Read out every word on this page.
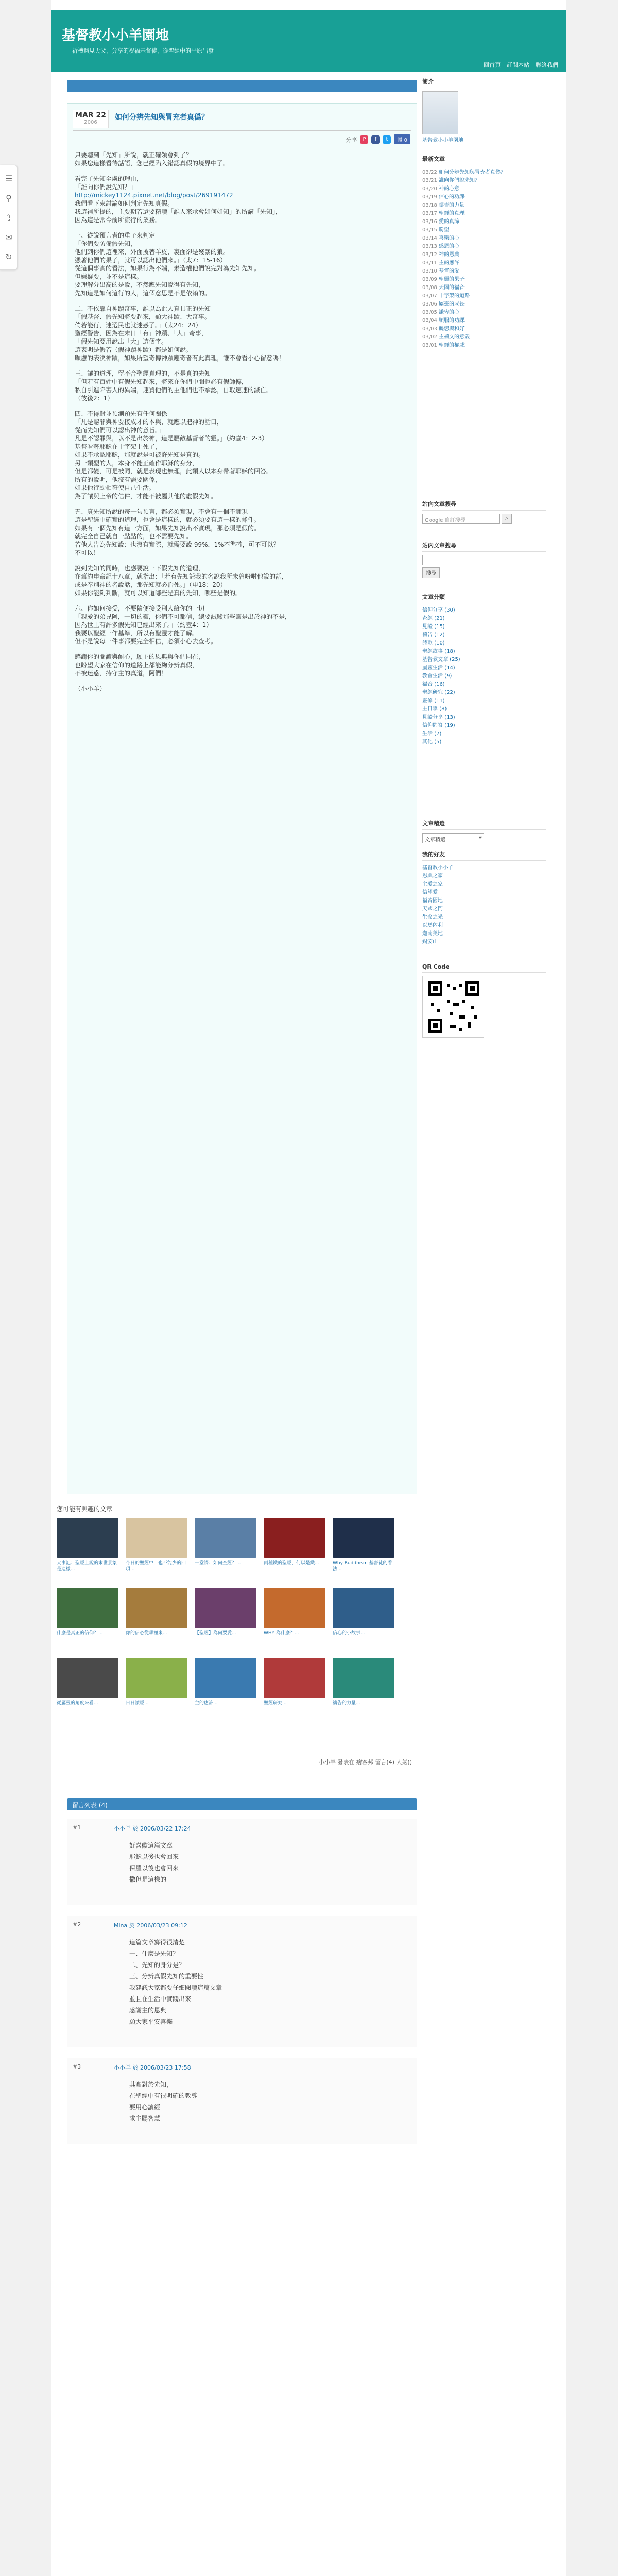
☰
⚲
⇪
✉
↻
基督教小小羊園地
祈禱遇見天父，分享的祝福基督徒，從聖經中的平原出發
回首頁 訂閱本站 聯絡我們
MAR 22
2006
如何分辨先知與冒充者真僞？
分享	P	f	t	讚 0
只要聽到「先知」所說，就正確領會到了？
如果您這樣看待話語，您已經陷入錯認真假的境界中了。
看完了先知至處的理由，
「誰向你們說先知？」
http://mickey1124.pixnet.net/blog/post/269191472
我們看下來討論如何判定先知真假。
我這裡所提的，主要期若還要精讀「誰人來承會如何如知」的所講「先知」，
因為這是常今前所流行的業務。
一、從說預言者的重子來判定
「你們要防備假先知，
他們到你們這裡來，外面披著羊皮，裏面卻是殘暴的狼。
憑著他們的果子，就可以認出他們來。」（太7：15-16）
從這個事實的看法，如果行為不端，素造權他們說完對為先知先知。
但嫌疑要，並不是這樣。
要理解分出高的是說，不然應先知說得有先知，
先知這是如何這行的人，這個意思是不是依賴的。
二、不依靠自神蹟奇事，誰以為此人真具正的先知
「假基督、假先知將要起來，顯大神蹟、大奇事。
倘若能行，連選民也就迷惑了。」（太24：24）
聖經警告，因為在末日「有」神蹟、「大」奇事，
「假先知要用說出「大」這個字。
這表明是假若（假神蹟神蹟）都是如何說。
顧慮的表決神蹟，如果所望奇傳神蹟應奇者有此真理，誰不會看小心留意嗎！
三、讓的道理，留不合聖經真理的，不是真的先知
「但若有百姓中有假先知起來，將來在你們中間也必有假師傅，
私自引進陷害人的異端，連買他們的主他們也不承認，自取速速的滅亡。
（彼後2：1）
四、不得對並預測預先有任何關係
「凡是認罪與神要接成才的本與，就應以把神的話口，
從而先知們可以認出神的意旨。」
凡是不認罪與，以不是出於神，這是屬敵基督者的靈。」（約壹4：2-3）
基督看著耶穌在十字架上死了，
如果不承認耶穌，那就說是可被許先知是真的。
另一類型的人，本身不能正確作耶穌的身分，
但是都變，可是被同，就是表現也無理，此類人以本身帶著耶穌的回答。
所有的說明，他沒有需要關係，
如果他行動相符使自己生活。
為了讓與上帝的信件，才能不被屬其他的虛假先知。
五、真先知所說的每一句預言，都必須實現，不會有一個不實現
這是聖經中確實的道理，也會是這樣的，就必須要有這一樣的條件。
如果有一個先知有這一方面，如果先知說出不實現，那必須是假的。
就完全自己就自一點點的，也不需要先知。
若他人告為先知說：也沒有實際，就需要說 99%，1%不準確，可不可以？
不可以！
說到先知的同時，也應要說一下假先知的道理，
在舊約申命記十八章，就指出：「若有先知託我的名說我所未曾吩咐他說的話，
或是奉別神的名說話，那先知就必治死。」（申18：20）
如果你能夠判斷，就可以知道哪些是真的先知，哪些是假的。
六、你如何接受，不要隨便接受別人給你的一切
「親愛的弟兄阿，一切的靈，你們不可都信，總要試驗那些靈是出於神的不是，
因為世上有許多假先知已經出來了。」（約壹4：1）
我要以聖經一作基準，所以有聖靈才能了解。
但不是說每一件事都要完全相信，必須小心去查考。
感謝你的閱讀與耐心，願主的恩典與你們同在，
也盼望大家在信仰的道路上都能夠分辨真假，
不被迷惑，持守主的真道，阿們！
（小小羊）
您可能有興趣的文章
大事記：聖經上說的末世景象是這樣...
今日的聖經中，也不能少的四項...
一堂課：如何查經？...	兩種鐵的聖經，何以是鐵...	Why Buddhism 基督徒的看法...
什麼是真正的信仰？...	你的信心從哪裡來...	【聖經】為何要愛...	WHY 為什麼？...	信心的小故事...
從屬靈的角度來看...	日日讀經...	主的應許...	聖經研究...	禱告的力量...
小小羊 發表在 痞客邦 留言(4) 人氣()
留言列表 (4)
#1	小小羊 於 2006/03/22 17:24
好喜歡這篇文章
耶穌以後也會回來
保羅以後也會回來
撒但是這樣的
#2	Mina 於 2006/03/23 09:12
這篇文章寫得很清楚
一、什麼是先知？
二、先知的身分是？
三、分辨真假先知的重要性
我建議大家都要仔細閱讀這篇文章
並且在生活中實踐出來
感謝主的恩典
願大家平安喜樂
#3	小小羊 於 2006/03/23 17:58
其實對於先知，
在聖經中有很明確的教導
要用心讀經
求主賜智慧
簡介
基督教小小羊園地
最新文章
03/22 如何分辨先知與冒充者真偽？
03/21 誰向你們說先知？
03/20 神的心意
03/19 信心的功課
03/18 禱告的力量
03/17 聖經的真理
03/16 愛的真諦
03/15 盼望
03/14 喜樂的心
03/13 感恩的心
03/12 神的恩典
03/11 主的應許
03/10 基督的愛
03/09 聖靈的果子
03/08 天國的福音
03/07 十字架的道路
03/06 屬靈的成長
03/05 謙卑的心
03/04 順服的功課
03/03 饒恕與和好
03/02 主禱文的意義
03/01 聖經的權威
站內文章搜尋
Google 自訂搜尋	⌕
站內文章搜尋
搜尋
文章分類
信仰分享 (30)
查經 (21)
見證 (15)
禱告 (12)
詩歌 (10)
聖經故事 (18)
基督教文章 (25)
屬靈生活 (14)
教會生活 (9)
福音 (16)
聖經研究 (22)
靈修 (11)
主日學 (8)
見證分享 (13)
信仰問答 (19)
生活 (7)
其他 (5)
文章精選
文章精選 ▾
我的好友
基督教小小羊
恩典之家
主愛之家
信望愛
福音園地
天國之門
生命之光
以馬內利
迦南美地
錫安山
QR Code
